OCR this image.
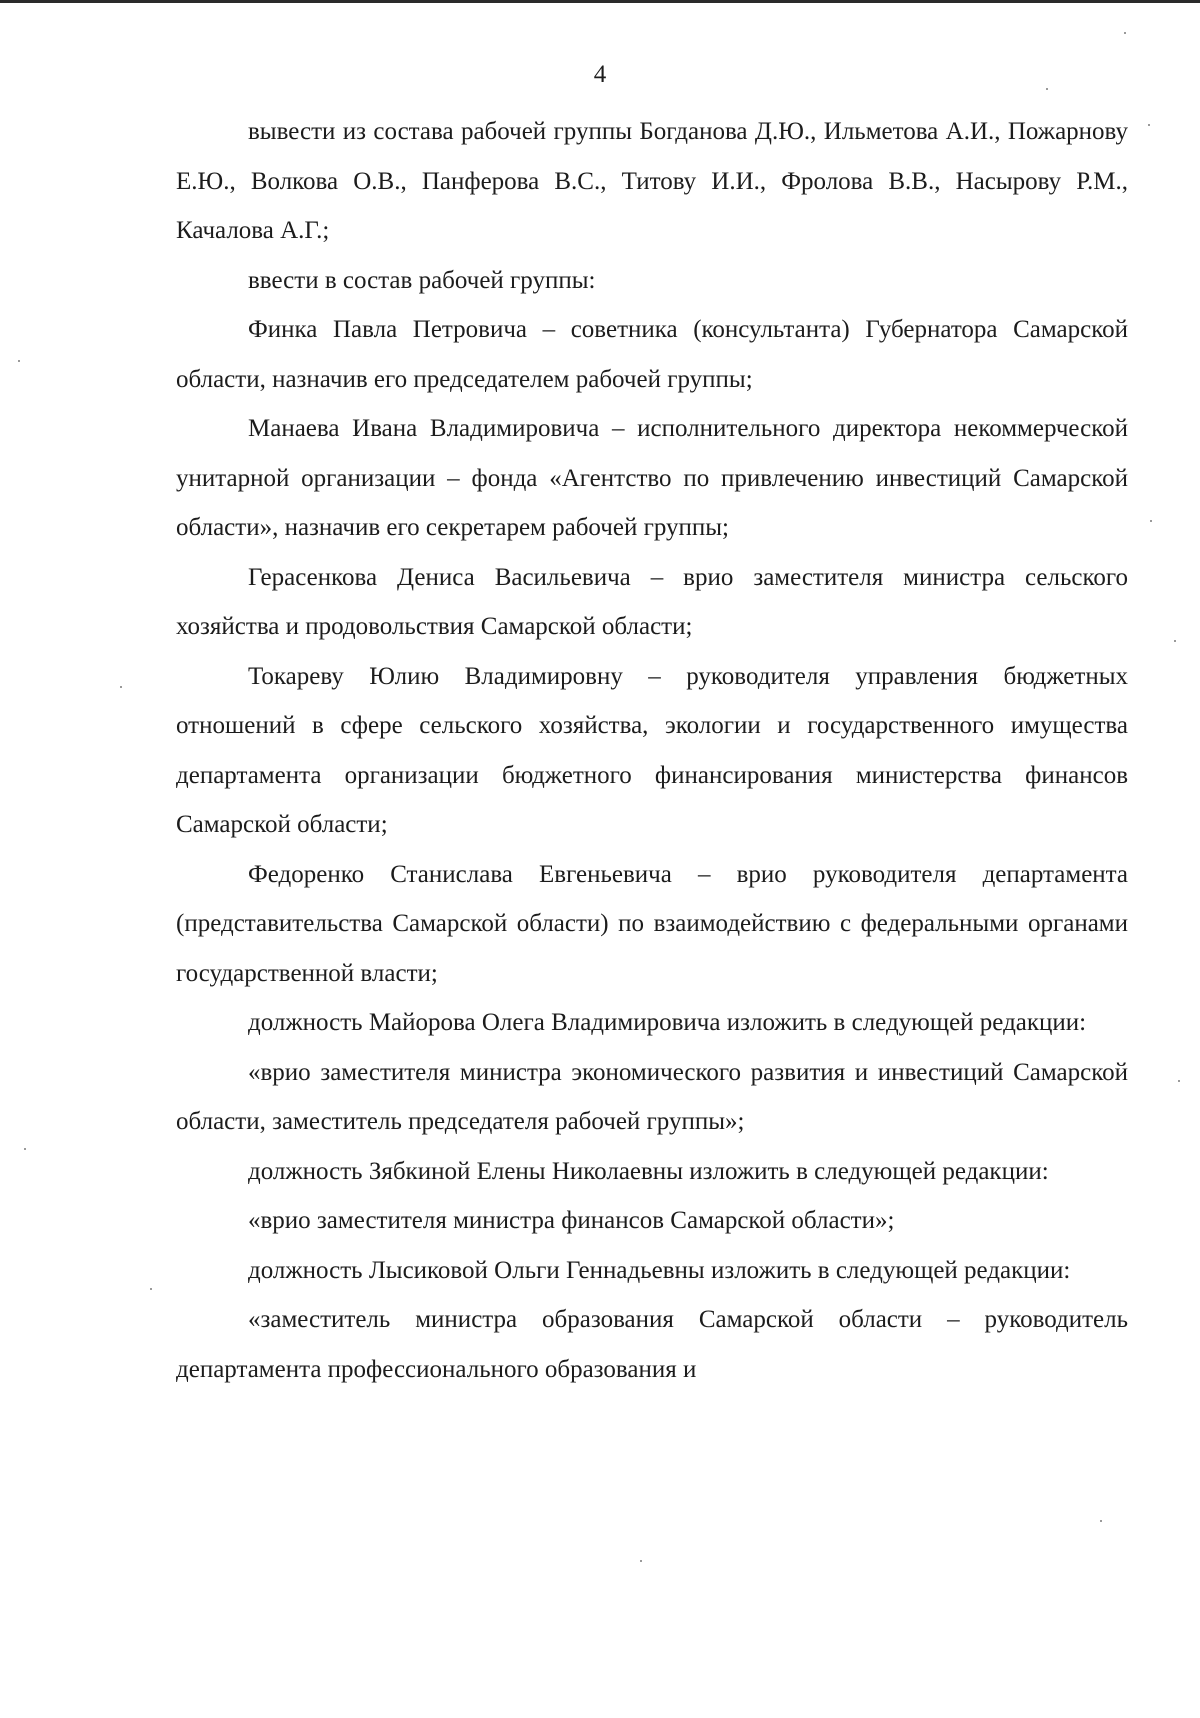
4

вывести из состава рабочей группы Богданова Д.Ю., Ильметова А.И., Пожарнову Е.Ю., Волкова О.В., Панферова В.С., Титову И.И., Фролова В.В., Насырову Р.М., Качалова А.Г.;

ввести в состав рабочей группы:

Финка Павла Петровича – советника (консультанта) Губернатора Самарской области, назначив его председателем рабочей группы;

Манаева Ивана Владимировича – исполнительного директора некоммерческой унитарной организации – фонда «Агентство по привлечению инвестиций Самарской области», назначив его секретарем рабочей группы;

Герасенкова Дениса Васильевича – врио заместителя министра сельского хозяйства и продовольствия Самарской области;

Токареву Юлию Владимировну – руководителя управления бюджетных отношений в сфере сельского хозяйства, экологии и государственного имущества департамента организации бюджетного финансирования министерства финансов Самарской области;

Федоренко Станислава Евгеньевича – врио руководителя департамента (представительства Самарской области) по взаимодействию с федеральными органами государственной власти;

должность Майорова Олега Владимировича изложить в следующей редакции:

«врио заместителя министра экономического развития и инвестиций Самарской области, заместитель председателя рабочей группы»;

должность Зябкиной Елены Николаевны изложить в следующей редакции:

«врио заместителя министра финансов Самарской области»;

должность Лысиковой Ольги Геннадьевны изложить в следующей редакции:

«заместитель министра образования Самарской области – руководитель департамента профессионального образования и
